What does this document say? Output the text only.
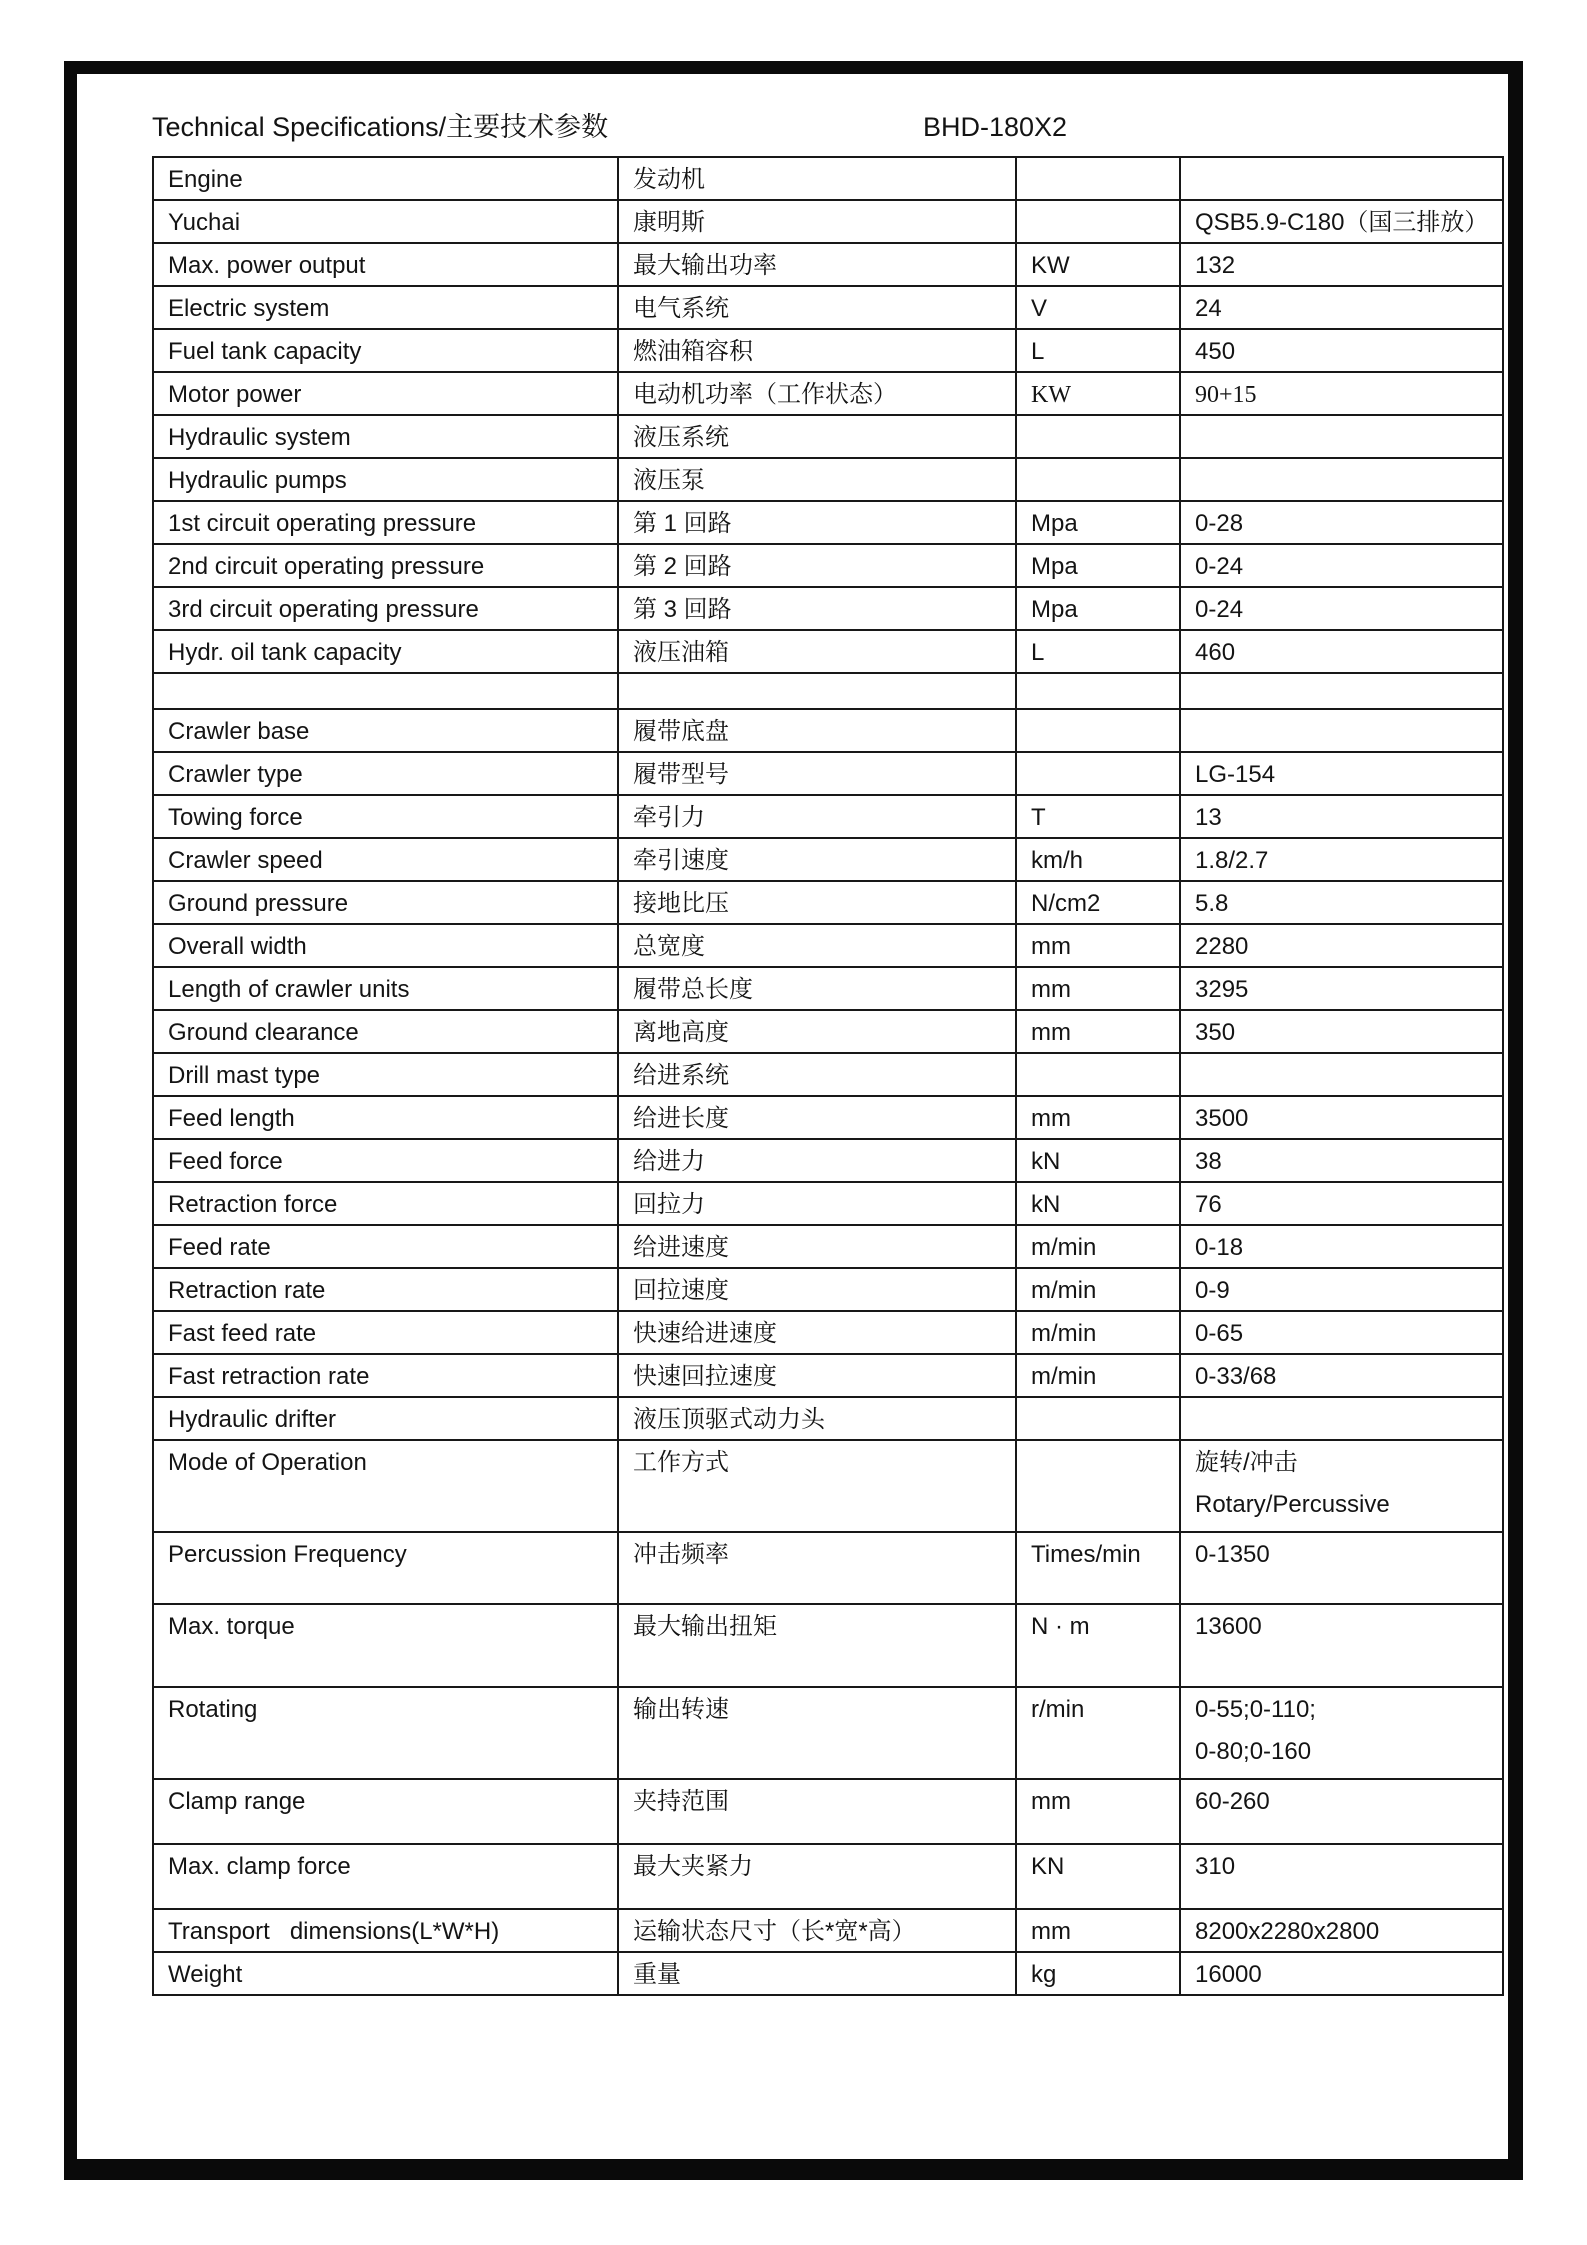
Technical Specifications/主要技术参数	BHD-180X2
Engine	发动机		
Yuchai	康明斯		QSB5.9-C180（国三排放）
Max. power output	最大输出功率	KW	132
Electric system	电气系统	V	24
Fuel tank capacity	燃油箱容积	L	450
Motor power	电动机功率（工作状态）	KW	90+15
Hydraulic system	液压系统		
Hydraulic pumps	液压泵		
1st circuit operating pressure	第 1 回路	Mpa	0-28
2nd circuit operating pressure	第 2 回路	Mpa	0-24
3rd circuit operating pressure	第 3 回路	Mpa	0-24
Hydr. oil tank capacity	液压油箱	L	460

Crawler base	履带底盘		
Crawler type	履带型号		LG-154
Towing force	牵引力	T	13
Crawler speed	牵引速度	km/h	1.8/2.7
Ground pressure	接地比压	N/cm2	5.8
Overall width	总宽度	mm	2280
Length of crawler units	履带总长度	mm	3295
Ground clearance	离地高度	mm	350
Drill mast type	给进系统		
Feed length	给进长度	mm	3500
Feed force	给进力	kN	38
Retraction force	回拉力	kN	76
Feed rate	给进速度	m/min	0-18
Retraction rate	回拉速度	m/min	0-9
Fast feed rate	快速给进速度	m/min	0-65
Fast retraction rate	快速回拉速度	m/min	0-33/68
Hydraulic drifter	液压顶驱式动力头		
Mode of Operation	工作方式		旋转/冲击
Rotary/Percussive

Percussion Frequency	冲击频率	Times/min	0-1350
Max. torque	最大输出扭矩	N · m	13600
Rotating	输出转速	r/min	0-55;0-110;
0-80;0-160

Clamp range	夹持范围	mm	60-260
Max. clamp force	最大夹紧力	KN	310
Transport   dimensions(L*W*H)	运输状态尺寸（长*宽*高）	mm	8200x2280x2800
Weight	重量	kg	16000
